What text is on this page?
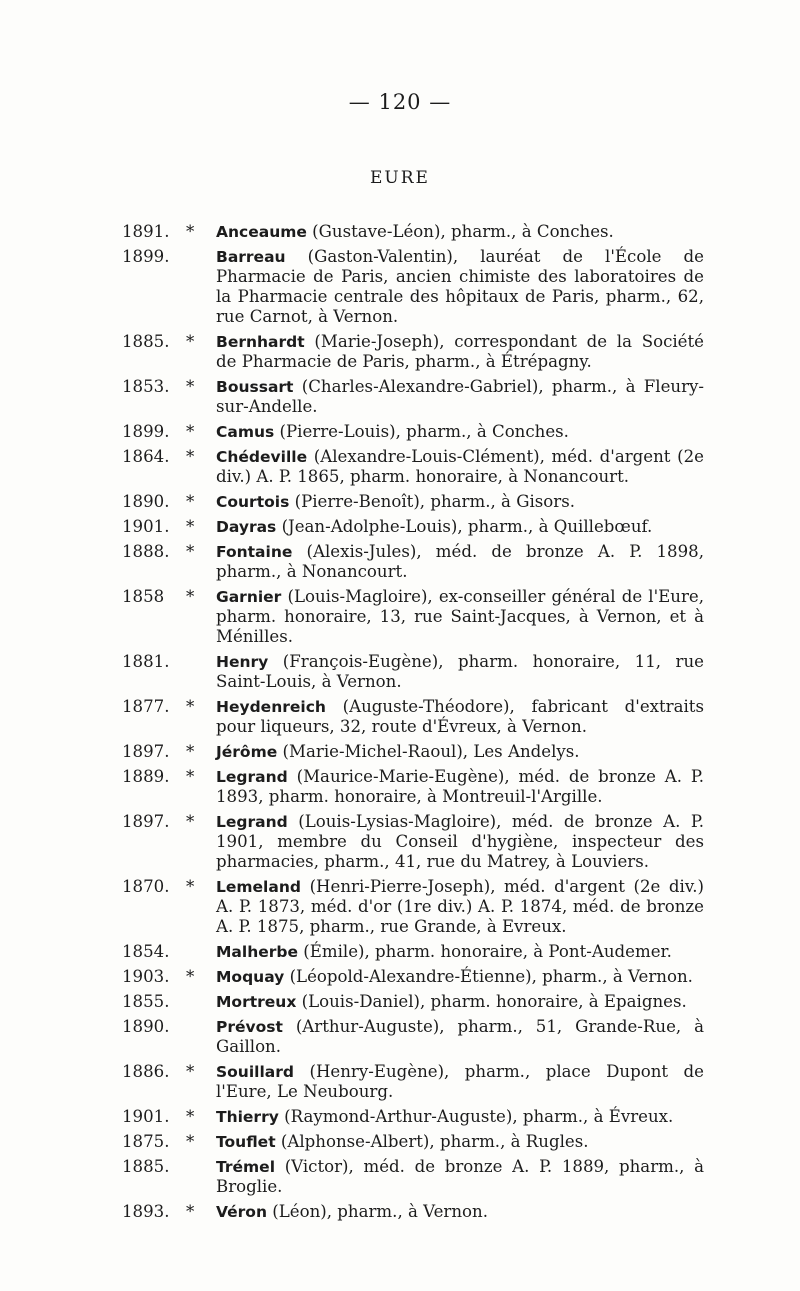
— 120 —
EURE
1891. * Anceaume (Gustave-Léon), pharm., à Conches.
1899.	Barreau (Gaston-Valentin), lauréat de l'École de Pharmacie de Paris, ancien chimiste des laboratoires de la Pharmacie centrale des hôpitaux de Paris, pharm., 62, rue Carnot, à Vernon.
1885. * Bernhardt (Marie-Joseph), correspondant de la Société de Pharmacie de Paris, pharm., à Étrépagny.
1853. * Boussart (Charles-Alexandre-Gabriel), pharm., à Fleury-sur-Andelle.
1899. * Camus (Pierre-Louis), pharm., à Conches.
1864. * Chédeville (Alexandre-Louis-Clément), méd. d'argent (2e div.) A. P. 1865, pharm. honoraire, à Nonancourt.
1890. * Courtois (Pierre-Benoît), pharm., à Gisors.
1901. * Dayras (Jean-Adolphe-Louis), pharm., à Quillebœuf.
1888. * Fontaine (Alexis-Jules), méd. de bronze A. P. 1898, pharm., à Nonancourt.
1858	* Garnier (Louis-Magloire), ex-conseiller général de l'Eure, pharm. honoraire, 13, rue Saint-Jacques, à Vernon, et à Ménilles.
1881.	Henry (François-Eugène), pharm. honoraire, 11, rue Saint-Louis, à Vernon.
1877. * Heydenreich (Auguste-Théodore), fabricant d'extraits pour liqueurs, 32, route d'Évreux, à Vernon.
1897. * Jérôme (Marie-Michel-Raoul), Les Andelys.
1889. * Legrand (Maurice-Marie-Eugène), méd. de bronze A. P. 1893, pharm. honoraire, à Montreuil-l'Argille.
1897. * Legrand (Louis-Lysias-Magloire), méd. de bronze A. P. 1901, membre du Conseil d'hygiène, inspecteur des pharmacies, pharm., 41, rue du Matrey, à Louviers.
1870. * Lemeland (Henri-Pierre-Joseph), méd. d'argent (2e div.) A. P. 1873, méd. d'or (1re div.) A. P. 1874, méd. de bronze A. P. 1875, pharm., rue Grande, à Evreux.
1854.	Malherbe (Émile), pharm. honoraire, à Pont-Audemer.
1903. * Moquay (Léopold-Alexandre-Étienne), pharm., à Vernon.
1855.	Mortreux (Louis-Daniel), pharm. honoraire, à Epaignes.
1890.	Prévost (Arthur-Auguste), pharm., 51, Grande-Rue, à Gaillon.
1886. * Souillard (Henry-Eugène), pharm., place Dupont de l'Eure, Le Neubourg.
1901. * Thierry (Raymond-Arthur-Auguste), pharm., à Évreux.
1875. * Touflet (Alphonse-Albert), pharm., à Rugles.
1885.	Trémel (Victor), méd. de bronze A. P. 1889, pharm., à Broglie.
1893. * Véron (Léon), pharm., à Vernon.
